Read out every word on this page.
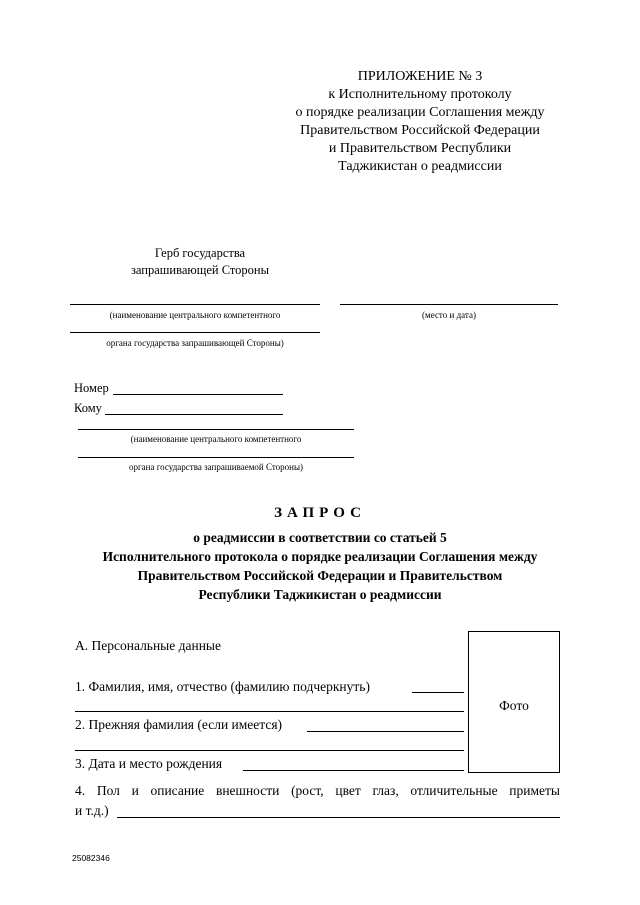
ПРИЛОЖЕНИЕ № 3
к Исполнительному протоколу
о порядке реализации Соглашения между
Правительством Российской Федерации
и Правительством Республики
Таджикистан о реадмиссии
Герб государства
запрашивающей Стороны
(наименование центрального компетентного
органа государства запрашивающей Стороны)
(место и дата)
Номер
Кому
(наименование центрального компетентного
органа государства запрашиваемой Стороны)
ЗАПРОС
о реадмиссии в соответствии со статьей 5
Исполнительного протокола о порядке реализации Соглашения между
Правительством Российской Федерации и Правительством
Республики Таджикистан о реадмиссии
А. Персональные данные
1. Фамилия, имя, отчество (фамилию подчеркнуть)
2. Прежняя фамилия (если имеется)
3. Дата и место рождения
4. Пол и описание внешности (рост, цвет глаз, отличительные приметы
и т.д.)
Фото
25082346
